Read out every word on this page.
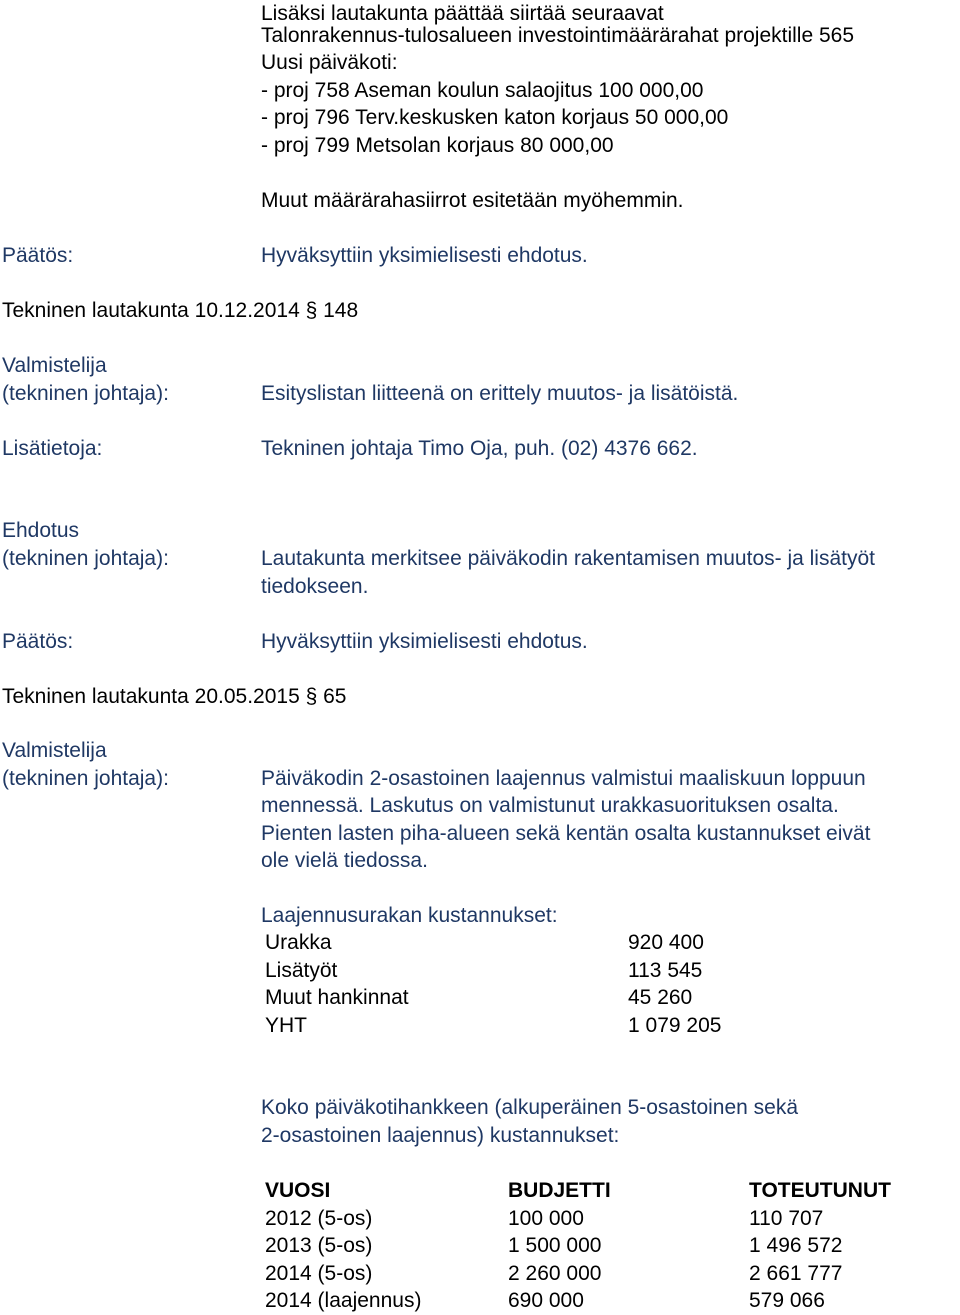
Lisäksi lautakunta päättää siirtää seuraavat
Talonrakennus-tulosalueen investointimäärärahat projektille 565
Uusi päiväkoti:
- proj 758 Aseman koulun salaojitus 100 000,00
- proj 796 Terv.keskusken katon korjaus 50 000,00
- proj 799 Metsolan korjaus 80 000,00
Muut määrärahasiirrot esitetään myöhemmin.
Päätös:	Hyväksyttiin yksimielisesti ehdotus.
Tekninen lautakunta 10.12.2014 § 148
Valmistelija
(tekninen johtaja):	Esityslistan liitteenä on erittely muutos- ja lisätöistä.
Lisätietoja:	Tekninen johtaja Timo Oja, puh. (02) 4376 662.
Ehdotus
(tekninen johtaja):	Lautakunta merkitsee päiväkodin rakentamisen muutos- ja lisätyöt
tiedokseen.
Päätös:	Hyväksyttiin yksimielisesti ehdotus.
Tekninen lautakunta 20.05.2015 § 65
Valmistelija
(tekninen johtaja):	Päiväkodin 2-osastoinen laajennus valmistui maaliskuun loppuun
mennessä. Laskutus on valmistunut urakkasuorituksen osalta.
Pienten lasten piha-alueen sekä kentän osalta kustannukset eivät
ole vielä tiedossa.
Laajennusurakan kustannukset:
Urakka	920 400
Lisätyöt	113 545
Muut hankinnat	45 260
YHT	1 079 205
Koko päiväkotihankkeen (alkuperäinen 5-osastoinen sekä
2-osastoinen laajennus) kustannukset:
VUOSI	BUDJETTI	TOTEUTUNUT
2012 (5-os)	100 000	110 707
2013 (5-os)	1 500 000	1 496 572
2014 (5-os)	2 260 000	2 661 777
2014 (laajennus)	690 000	579 066
